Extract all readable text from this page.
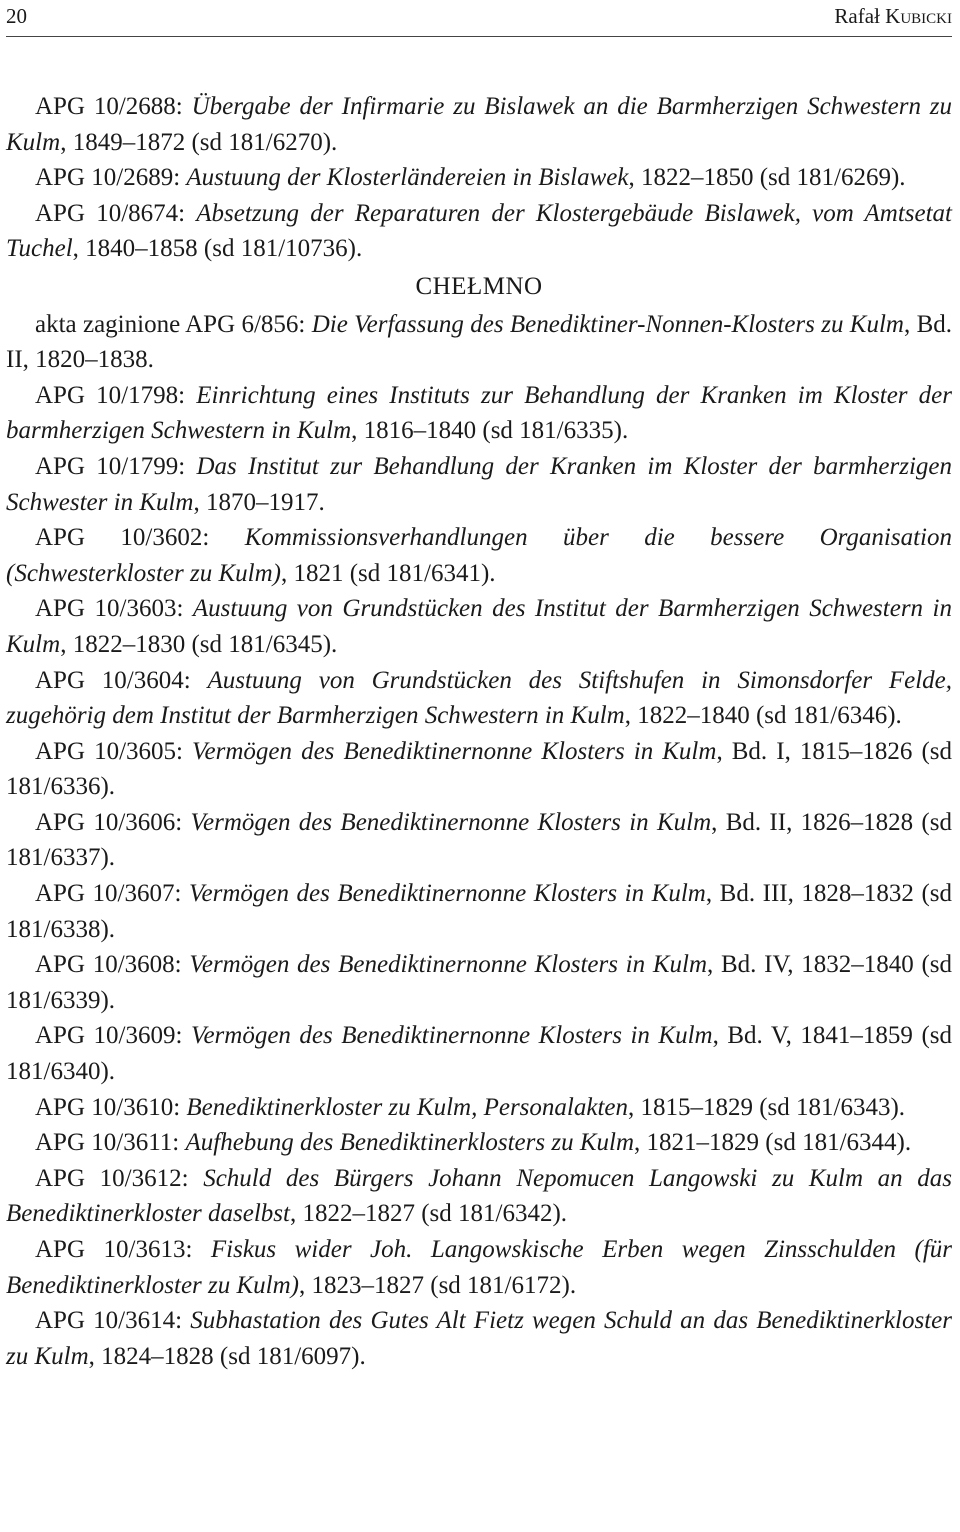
20	Rafał Kubicki

APG 10/2688: Übergabe der Infirmarie zu Bislawek an die Barmherzigen Schwestern zu Kulm, 1849–1872 (sd 181/6270).

APG 10/2689: Austuung der Klosterländereien in Bislawek, 1822–1850 (sd 181/6269).

APG 10/8674: Absetzung der Reparaturen der Klostergebäude Bislawek, vom Amtsetat Tuchel, 1840–1858 (sd 181/10736).

CHEŁMNO

akta zaginione APG 6/856: Die Verfassung des Benediktiner-Nonnen-Klosters zu Kulm, Bd. II, 1820–1838.

APG 10/1798: Einrichtung eines Instituts zur Behandlung der Kranken im Kloster der barmherzigen Schwestern in Kulm, 1816–1840 (sd 181/6335).

APG 10/1799: Das Institut zur Behandlung der Kranken im Kloster der barmherzigen Schwester in Kulm, 1870–1917.

APG 10/3602: Kommissionsverhandlungen über die bessere Organisation (Schwesterkloster zu Kulm), 1821 (sd 181/6341).

APG 10/3603: Austuung von Grundstücken des Institut der Barmherzigen Schwestern in Kulm, 1822–1830 (sd 181/6345).

APG 10/3604: Austuung von Grundstücken des Stiftshufen in Simonsdorfer Felde, zugehörig dem Institut der Barmherzigen Schwestern in Kulm, 1822–1840 (sd 181/6346).

APG 10/3605: Vermögen des Benediktinernonne Klosters in Kulm, Bd. I, 1815–1826 (sd 181/6336).

APG 10/3606: Vermögen des Benediktinernonne Klosters in Kulm, Bd. II, 1826–1828 (sd 181/6337).

APG 10/3607: Vermögen des Benediktinernonne Klosters in Kulm, Bd. III, 1828–1832 (sd 181/6338).

APG 10/3608: Vermögen des Benediktinernonne Klosters in Kulm, Bd. IV, 1832–1840 (sd 181/6339).

APG 10/3609: Vermögen des Benediktinernonne Klosters in Kulm, Bd. V, 1841–1859 (sd 181/6340).

APG 10/3610: Benediktinerkloster zu Kulm, Personalakten, 1815–1829 (sd 181/6343).

APG 10/3611: Aufhebung des Benediktinerklosters zu Kulm, 1821–1829 (sd 181/6344).

APG 10/3612: Schuld des Bürgers Johann Nepomucen Langowski zu Kulm an das Benediktinerkloster daselbst, 1822–1827 (sd 181/6342).

APG 10/3613: Fiskus wider Joh. Langowskische Erben wegen Zinsschulden (für Benediktinerkloster zu Kulm), 1823–1827 (sd 181/6172).

APG 10/3614: Subhastation des Gutes Alt Fietz wegen Schuld an das Benediktinerkloster zu Kulm, 1824–1828 (sd 181/6097).
